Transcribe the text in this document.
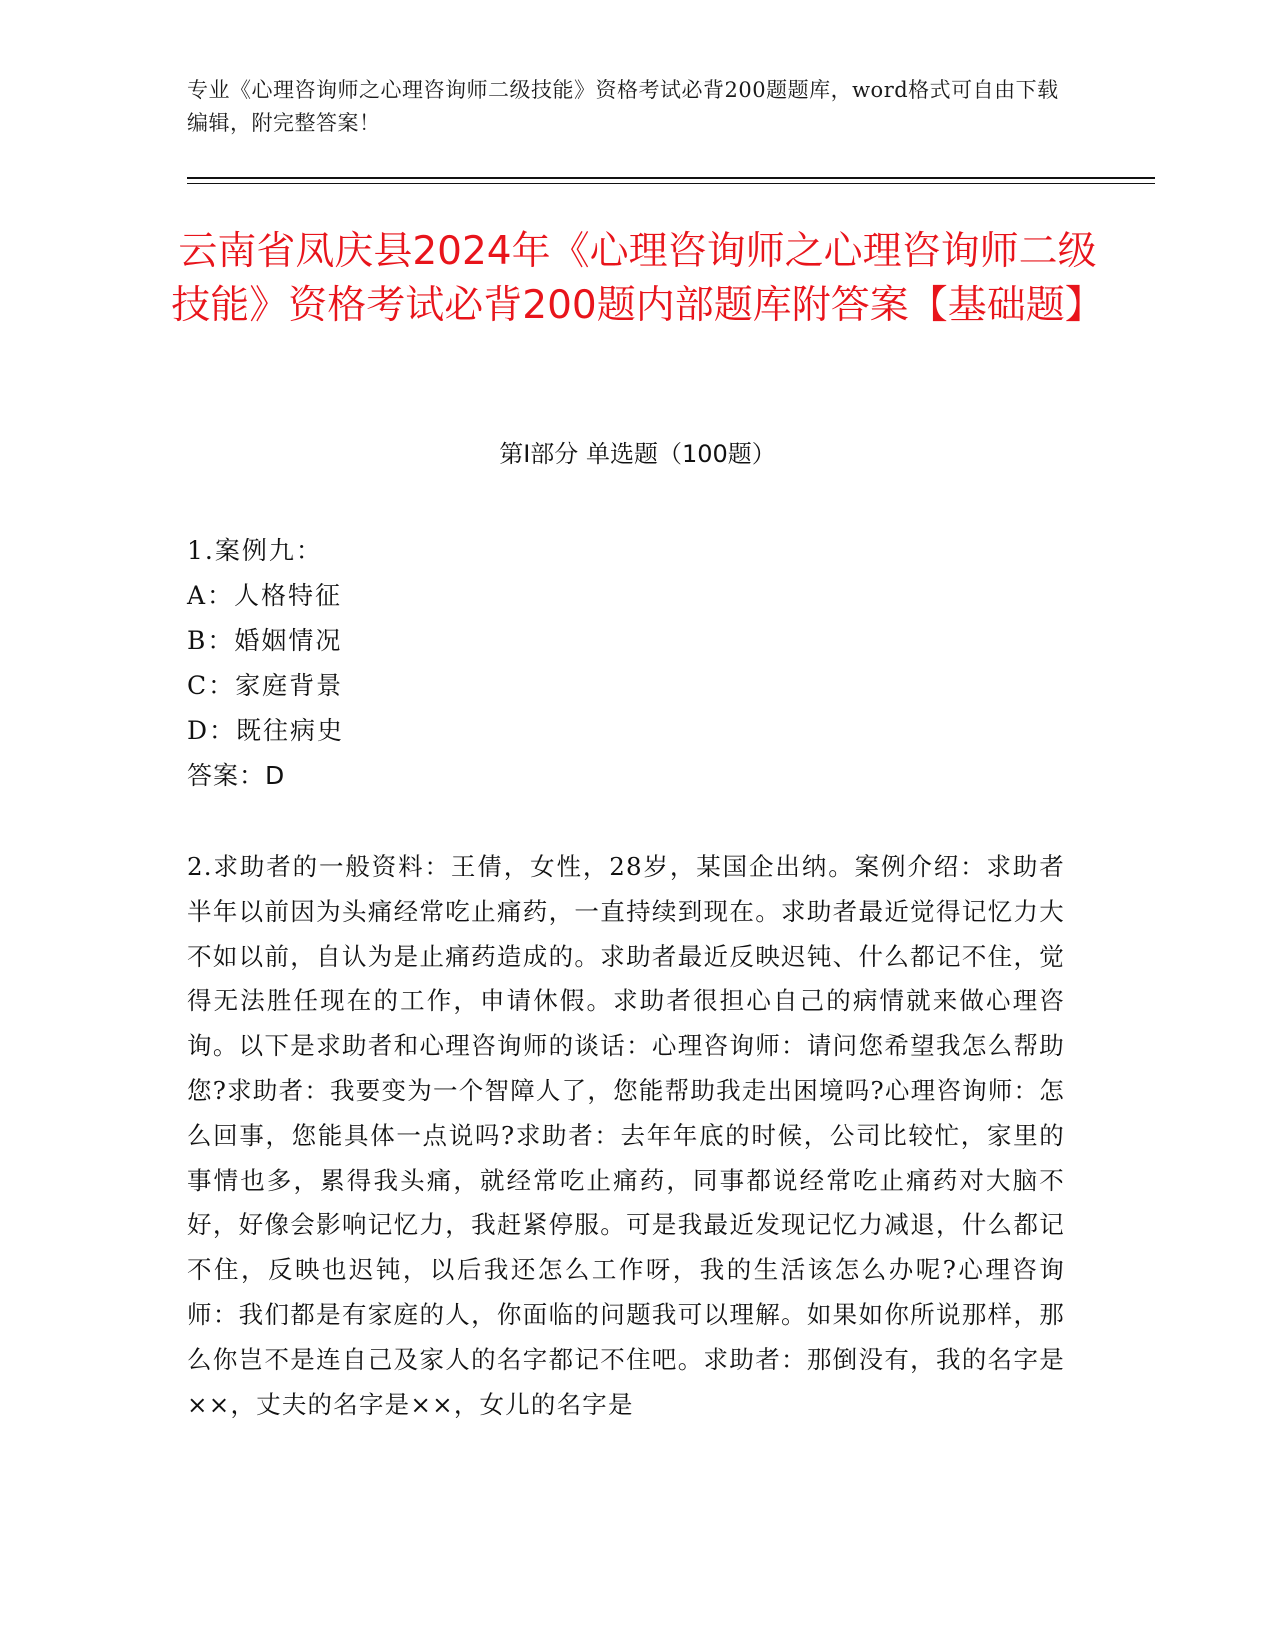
专业《心理咨询师之心理咨询师二级技能》资格考试必背200题题库，word格式可自由下载编辑，附完整答案！
云南省凤庆县2024年《心理咨询师之心理咨询师二级技能》资格考试必背200题内部题库附答案【基础题】
第Ⅰ部分 单选题（100题）
1.案例九：
A：人格特征
B：婚姻情况
C：家庭背景
D：既往病史
答案：D

2.求助者的一般资料：王倩，女性，28岁，某国企出纳。案例介绍：求助者半年以前因为头痛经常吃止痛药，一直持续到现在。求助者最近觉得记忆力大不如以前，自认为是止痛药造成的。求助者最近反映迟钝、什么都记不住，觉得无法胜任现在的工作，申请休假。求助者很担心自己的病情就来做心理咨询。以下是求助者和心理咨询师的谈话：心理咨询师：请问您希望我怎么帮助您?求助者：我要变为一个智障人了，您能帮助我走出困境吗?心理咨询师：怎么回事，您能具体一点说吗?求助者：去年年底的时候，公司比较忙，家里的事情也多，累得我头痛，就经常吃止痛药，同事都说经常吃止痛药对大脑不好，好像会影响记忆力，我赶紧停服。可是我最近发现记忆力减退，什么都记不住，反映也迟钝，以后我还怎么工作呀，我的生活该怎么办呢?心理咨询师：我们都是有家庭的人，你面临的问题我可以理解。如果如你所说那样，那么你岂不是连自己及家人的名字都记不住吧。求助者：那倒没有，我的名字是××，丈夫的名字是××，女儿的名字是
